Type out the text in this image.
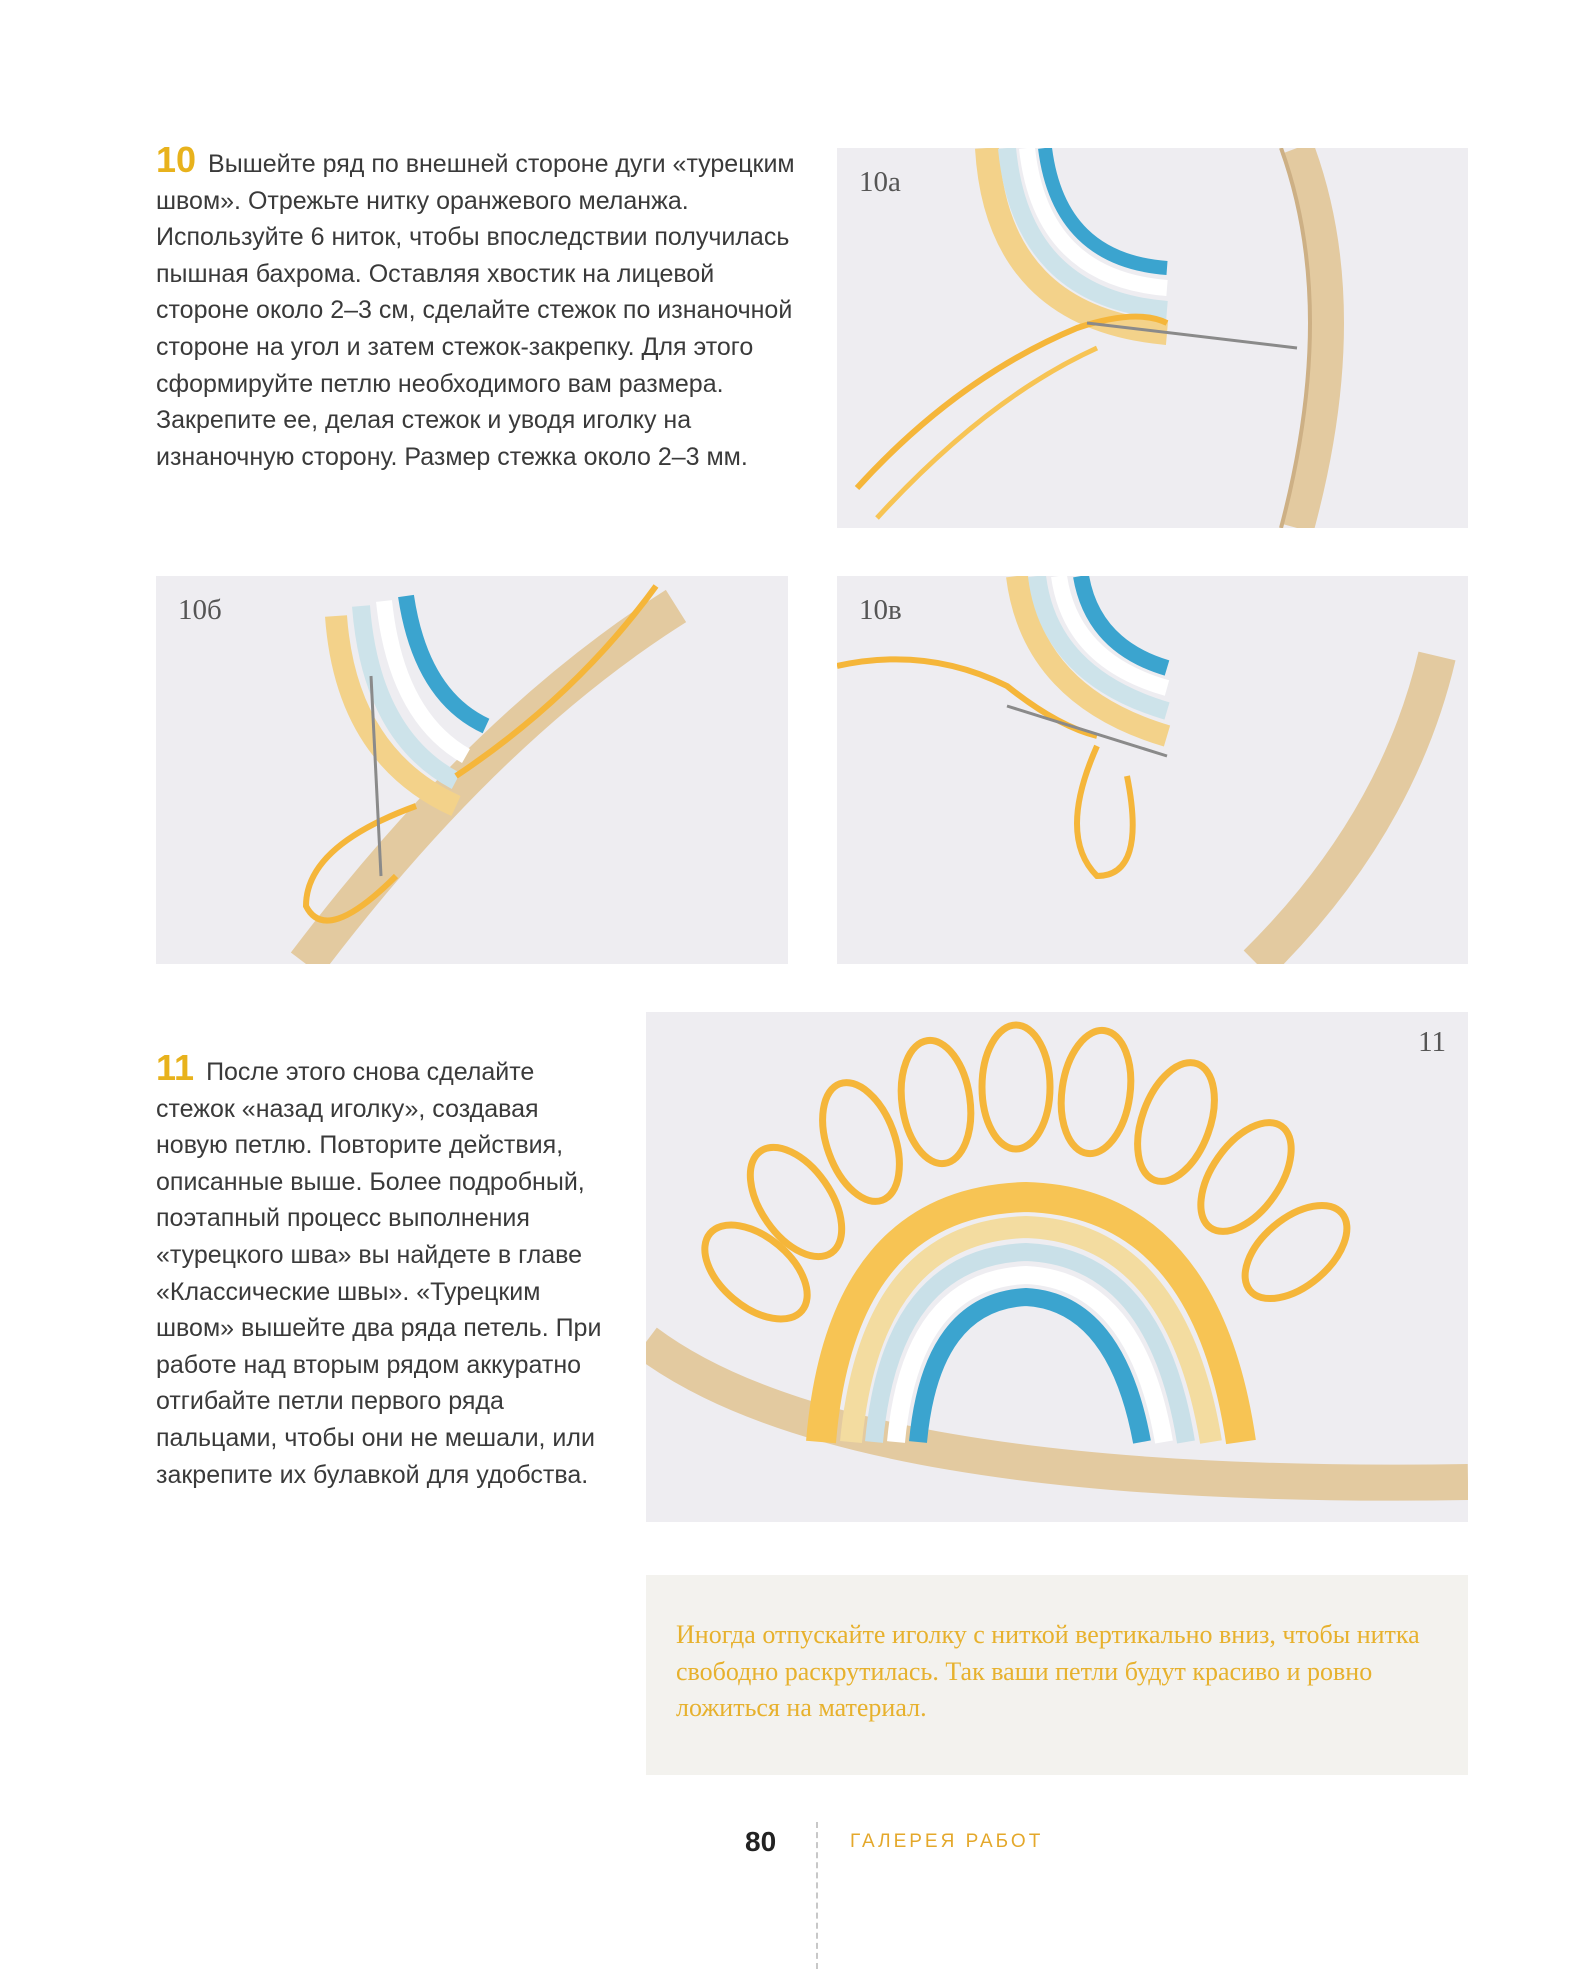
10 Вышейте ряд по внешней стороне дуги «турецким швом». Отрежьте нитку оранжевого меланжа. Используйте 6 ниток, чтобы впоследствии получилась пышная бахрома. Оставляя хвостик на лицевой стороне около 2–3 см, сделайте стежок по изнаночной стороне на угол и затем стежок-закрепку. Для этого сформируйте петлю необходимого вам размера. Закрепите ее, делая стежок и уводя иголку на изнаночную сторону. Размер стежка около 2–3 мм.
10а
10б	10в
11 После этого снова сделайте стежок «назад иголку», создавая новую петлю. Повторите действия, описанные выше. Более подробный, поэтапный процесс выполнения «турецкого шва» вы найдете в главе «Классические швы». «Турецким швом» вышейте два ряда петель. При работе над вторым рядом аккуратно отгибайте петли первого ряда пальцами, чтобы они не мешали, или закрепите их булавкой для удобства.
11
Иногда отпускайте иголку с ниткой вертикально вниз, чтобы нитка свободно раскрутилась. Так ваши петли будут красиво и ровно ложиться на материал.
80	ГАЛЕРЕЯ РАБОТ
